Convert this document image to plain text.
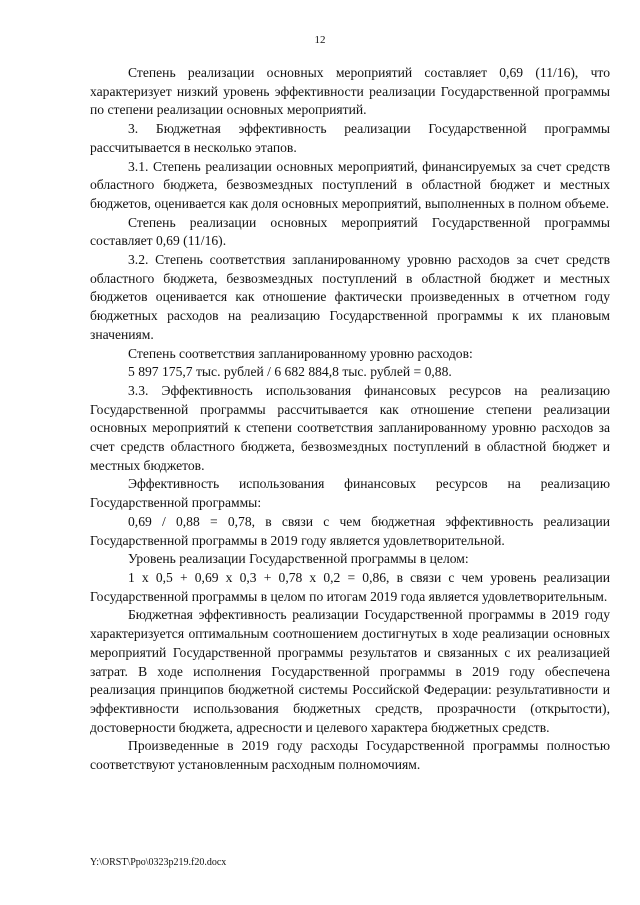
12

Степень реализации основных мероприятий составляет 0,69 (11/16), что характеризует низкий уровень эффективности реализации Государственной программы по степени реализации основных мероприятий.

3. Бюджетная эффективность реализации Государственной программы рассчитывается в несколько этапов.

3.1. Степень реализации основных мероприятий, финансируемых за счет средств областного бюджета, безвозмездных поступлений в областной бюджет и местных бюджетов, оценивается как доля основных мероприятий, выполненных в полном объеме.

Степень реализации основных мероприятий Государственной программы составляет 0,69 (11/16).

3.2. Степень соответствия запланированному уровню расходов за счет средств областного бюджета, безвозмездных поступлений в областной бюджет и местных бюджетов оценивается как отношение фактически произведенных в отчетном году бюджетных расходов на реализацию Государственной программы к их плановым значениям.

Степень соответствия запланированному уровню расходов:

5 897 175,7 тыс. рублей / 6 682 884,8 тыс. рублей = 0,88.

3.3. Эффективность использования финансовых ресурсов на реализацию Государственной программы рассчитывается как отношение степени реализации основных мероприятий к степени соответствия запланированному уровню расходов за счет средств областного бюджета, безвозмездных поступлений в областной бюджет и местных бюджетов.

Эффективность использования финансовых ресурсов на реализацию Государственной программы:

0,69 / 0,88 = 0,78, в связи с чем бюджетная эффективность реализации Государственной программы в 2019 году является удовлетворительной.

Уровень реализации Государственной программы в целом:

1 х 0,5 + 0,69 х 0,3 + 0,78 х 0,2 = 0,86, в связи с чем уровень реализации Государственной программы в целом по итогам 2019 года является удовлетворительным.

Бюджетная эффективность реализации Государственной программы в 2019 году характеризуется оптимальным соотношением достигнутых в ходе реализации основных мероприятий Государственной программы результатов и связанных с их реализацией затрат. В ходе исполнения Государственной программы в 2019 году обеспечена реализация принципов бюджетной системы Российской Федерации: результативности и эффективности использования бюджетных средств, прозрачности (открытости), достоверности бюджета, адресности и целевого характера бюджетных средств.

Произведенные в 2019 году расходы Государственной программы полностью соответствуют установленным расходным полномочиям.

Y:\ORST\Ppo\0323p219.f20.docx
